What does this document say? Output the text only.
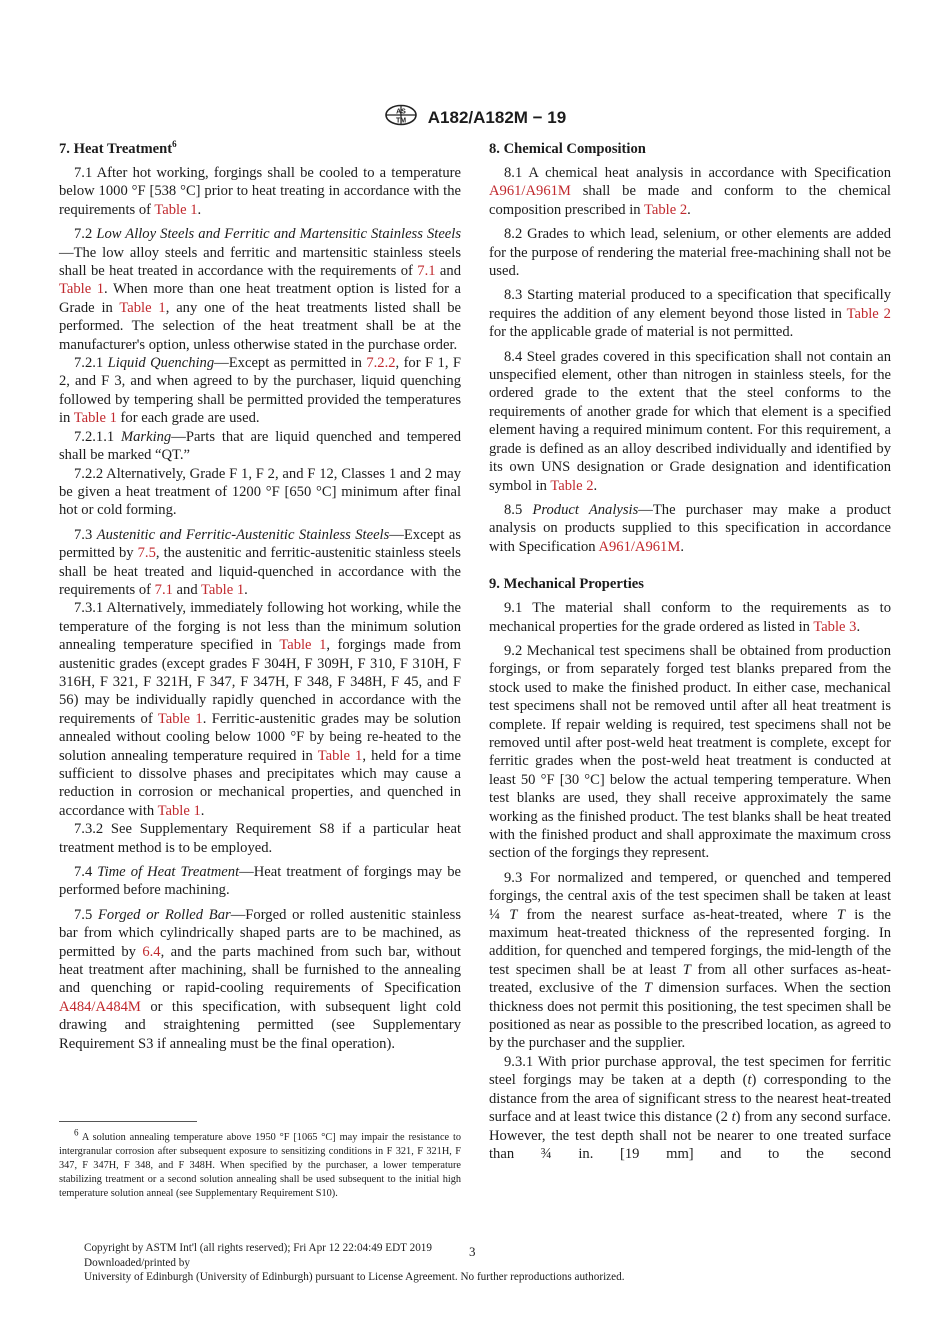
AS
TM A182/A182M − 19
7. Heat Treatment$^6$

7.1 After hot working, forgings shall be cooled to a temperature below 1000 °F [538 °C] prior to heat treating in accordance with the requirements of Table 1.

7.2 Low Alloy Steels and Ferritic and Martensitic Stainless Steels—The low alloy steels and ferritic and martensitic stainless steels shall be heat treated in accordance with the requirements of 7.1 and Table 1. When more than one heat treatment option is listed for a Grade in Table 1, any one of the heat treatments listed shall be performed. The selection of the heat treatment shall be at the manufacturer's option, unless otherwise stated in the purchase order.

7.2.1 Liquid Quenching—Except as permitted in 7.2.2, for F 1, F 2, and F 3, and when agreed to by the purchaser, liquid quenching followed by tempering shall be permitted provided the temperatures in Table 1 for each grade are used.

7.2.1.1 Marking—Parts that are liquid quenched and tempered shall be marked “QT.”

7.2.2 Alternatively, Grade F 1, F 2, and F 12, Classes 1 and 2 may be given a heat treatment of 1200 °F [650 °C] minimum after final hot or cold forming.

7.3 Austenitic and Ferritic-Austenitic Stainless Steels—Except as permitted by 7.5, the austenitic and ferritic-austenitic stainless steels shall be heat treated and liquid-quenched in accordance with the requirements of 7.1 and Table 1.

7.3.1 Alternatively, immediately following hot working, while the temperature of the forging is not less than the minimum solution annealing temperature specified in Table 1, forgings made from austenitic grades (except grades F 304H, F 309H, F 310, F 310H, F 316H, F 321, F 321H, F 347, F 347H, F 348, F 348H, F 45, and F 56) may be individually rapidly quenched in accordance with the requirements of Table 1. Ferritic-austenitic grades may be solution annealed without cooling below 1000 °F by being re-heated to the solution annealing temperature required in Table 1, held for a time sufficient to dissolve phases and precipitates which may cause a reduction in corrosion or mechanical properties, and quenched in accordance with Table 1.

7.3.2 See Supplementary Requirement S8 if a particular heat treatment method is to be employed.

7.4 Time of Heat Treatment—Heat treatment of forgings may be performed before machining.

7.5 Forged or Rolled Bar—Forged or rolled austenitic stainless bar from which cylindrically shaped parts are to be machined, as permitted by 6.4, and the parts machined from such bar, without heat treatment after machining, shall be furnished to the annealing and quenching or rapid-cooling requirements of Specification A484/A484M or this specification, with subsequent light cold drawing and straightening permitted (see Supplementary Requirement S3 if annealing must be the final operation).

8. Chemical Composition

8.1 A chemical heat analysis in accordance with Specification A961/A961M shall be made and conform to the chemical composition prescribed in Table 2.

8.2 Grades to which lead, selenium, or other elements are added for the purpose of rendering the material free-machining shall not be used.

8.3 Starting material produced to a specification that specifically requires the addition of any element beyond those listed in Table 2 for the applicable grade of material is not permitted.

8.4 Steel grades covered in this specification shall not contain an unspecified element, other than nitrogen in stainless steels, for the ordered grade to the extent that the steel conforms to the requirements of another grade for which that element is a specified element having a required minimum content. For this requirement, a grade is defined as an alloy described individually and identified by its own UNS designation or Grade designation and identification symbol in Table 2.

8.5 Product Analysis—The purchaser may make a product analysis on products supplied to this specification in accordance with Specification A961/A961M.

9. Mechanical Properties

9.1 The material shall conform to the requirements as to mechanical properties for the grade ordered as listed in Table 3.

9.2 Mechanical test specimens shall be obtained from production forgings, or from separately forged test blanks prepared from the stock used to make the finished product. In either case, mechanical test specimens shall not be removed until after all heat treatment is complete. If repair welding is required, test specimens shall not be removed until after post-weld heat treatment is complete, except for ferritic grades when the post-weld heat treatment is conducted at least 50 °F [30 °C] below the actual tempering temperature. When test blanks are used, they shall receive approximately the same working as the finished product. The test blanks shall be heat treated with the finished product and shall approximate the maximum cross section of the forgings they represent.

9.3 For normalized and tempered, or quenched and tempered forgings, the central axis of the test specimen shall be taken at least ¼ T from the nearest surface as-heat-treated, where T is the maximum heat-treated thickness of the represented forging. In addition, for quenched and tempered forgings, the mid-length of the test specimen shall be at least T from all other surfaces as-heat-treated, exclusive of the T dimension surfaces. When the section thickness does not permit this positioning, the test specimen shall be positioned as near as possible to the prescribed location, as agreed to by the purchaser and the supplier.

9.3.1 With prior purchase approval, the test specimen for ferritic steel forgings may be taken at a depth (t) corresponding to the distance from the area of significant stress to the nearest heat-treated surface and at least twice this distance (2 t) from any second surface. However, the test depth shall not be nearer to one treated surface than ¾ in. [19 mm] and to the second

$^6$ A solution annealing temperature above 1950 °F [1065 °C] may impair the resistance to intergranular corrosion after subsequent exposure to sensitizing conditions in F 321, F 321H, F 347, F 347H, F 348, and F 348H. When specified by the purchaser, a lower temperature stabilizing treatment or a second solution annealing shall be used subsequent to the initial high temperature solution anneal (see Supplementary Requirement S10).

Copyright by ASTM Int'l (all rights reserved); Fri Apr 12 22:04:49 EDT 2019
Downloaded/printed by
University of Edinburgh (University of Edinburgh) pursuant to License Agreement. No further reproductions authorized.
3
